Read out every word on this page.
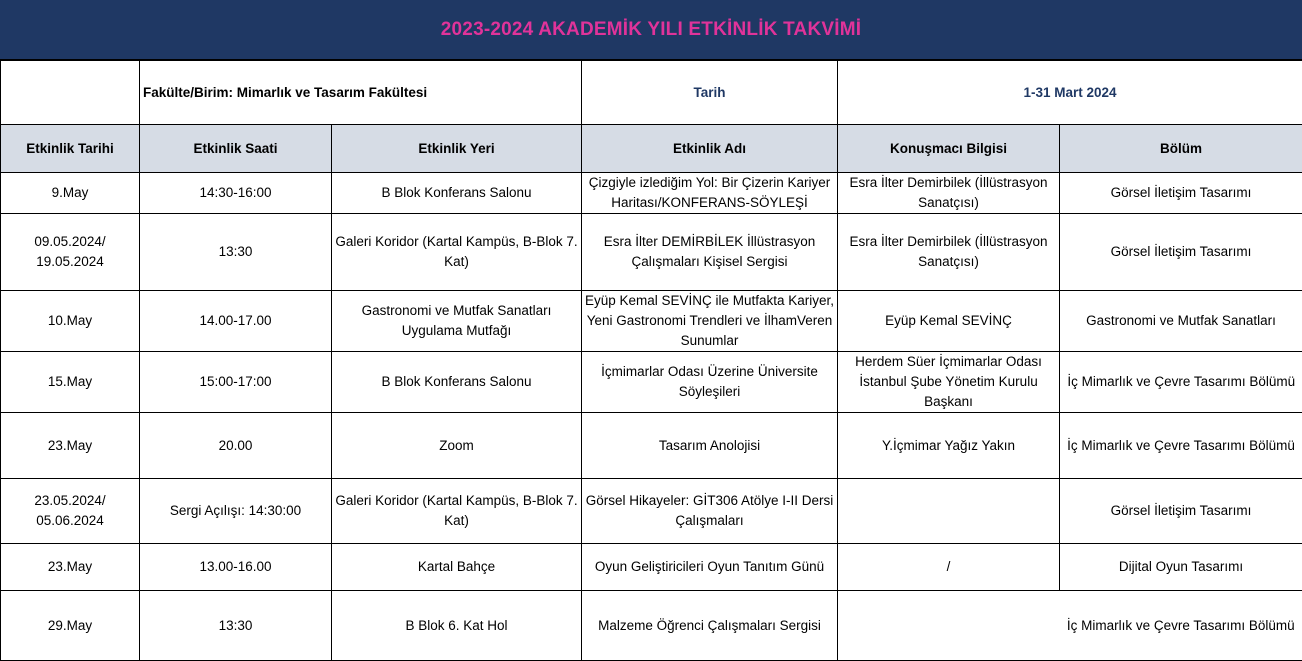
2023-2024 AKADEMİK YILI ETKİNLİK TAKVİMİ
	Fakülte/Birim: Mimarlık ve Tasarım Fakültesi		Tarih	1-31 Mart 2024	
Etkinlik Tarihi	Etkinlik Saati	Etkinlik Yeri	Etkinlik Adı	Konuşmacı Bilgisi	Bölüm
9.May	14:30-16:00	B Blok Konferans Salonu	Çizgiyle izlediğim Yol: Bir Çizerin Kariyer Haritası/KONFERANS-SÖYLEŞİ	Esra İlter Demirbilek (İllüstrasyon Sanatçısı)	Görsel İletişim Tasarımı
09.05.2024/ 19.05.2024	13:30	Galeri Koridor (Kartal Kampüs, B-Blok 7. Kat)	Esra İlter DEMİRBİLEK İllüstrasyon Çalışmaları Kişisel Sergisi	Esra İlter Demirbilek (İllüstrasyon Sanatçısı)	Görsel İletişim Tasarımı
10.May	14.00-17.00	Gastronomi ve Mutfak Sanatları Uygulama Mutfağı	Eyüp Kemal SEVİNÇ ile Mutfakta Kariyer, Yeni Gastronomi Trendleri ve İlhamVeren Sunumlar	Eyüp Kemal SEVİNÇ	Gastronomi ve Mutfak Sanatları
15.May	15:00-17:00	B Blok Konferans Salonu	İçmimarlar Odası Üzerine Üniversite Söyleşileri	Herdem Süer İçmimarlar Odası İstanbul Şube Yönetim Kurulu Başkanı	İç Mimarlık ve Çevre Tasarımı Bölümü
23.May	20.00	Zoom	Tasarım Anolojisi	Y.İçmimar Yağız Yakın	İç Mimarlık ve Çevre Tasarımı Bölümü
23.05.2024/ 05.06.2024	Sergi Açılışı: 14:30:00	Galeri Koridor (Kartal Kampüs, B-Blok 7. Kat)	Görsel Hikayeler: GİT306 Atölye I-II Dersi Çalışmaları		Görsel İletişim Tasarımı
23.May	13.00-16.00	Kartal Bahçe	Oyun Geliştiricileri Oyun Tanıtım Günü	/	Dijital Oyun Tasarımı
29.May	13:30	B Blok 6. Kat Hol	Malzeme Öğrenci Çalışmaları Sergisi		İç Mimarlık ve Çevre Tasarımı Bölümü
